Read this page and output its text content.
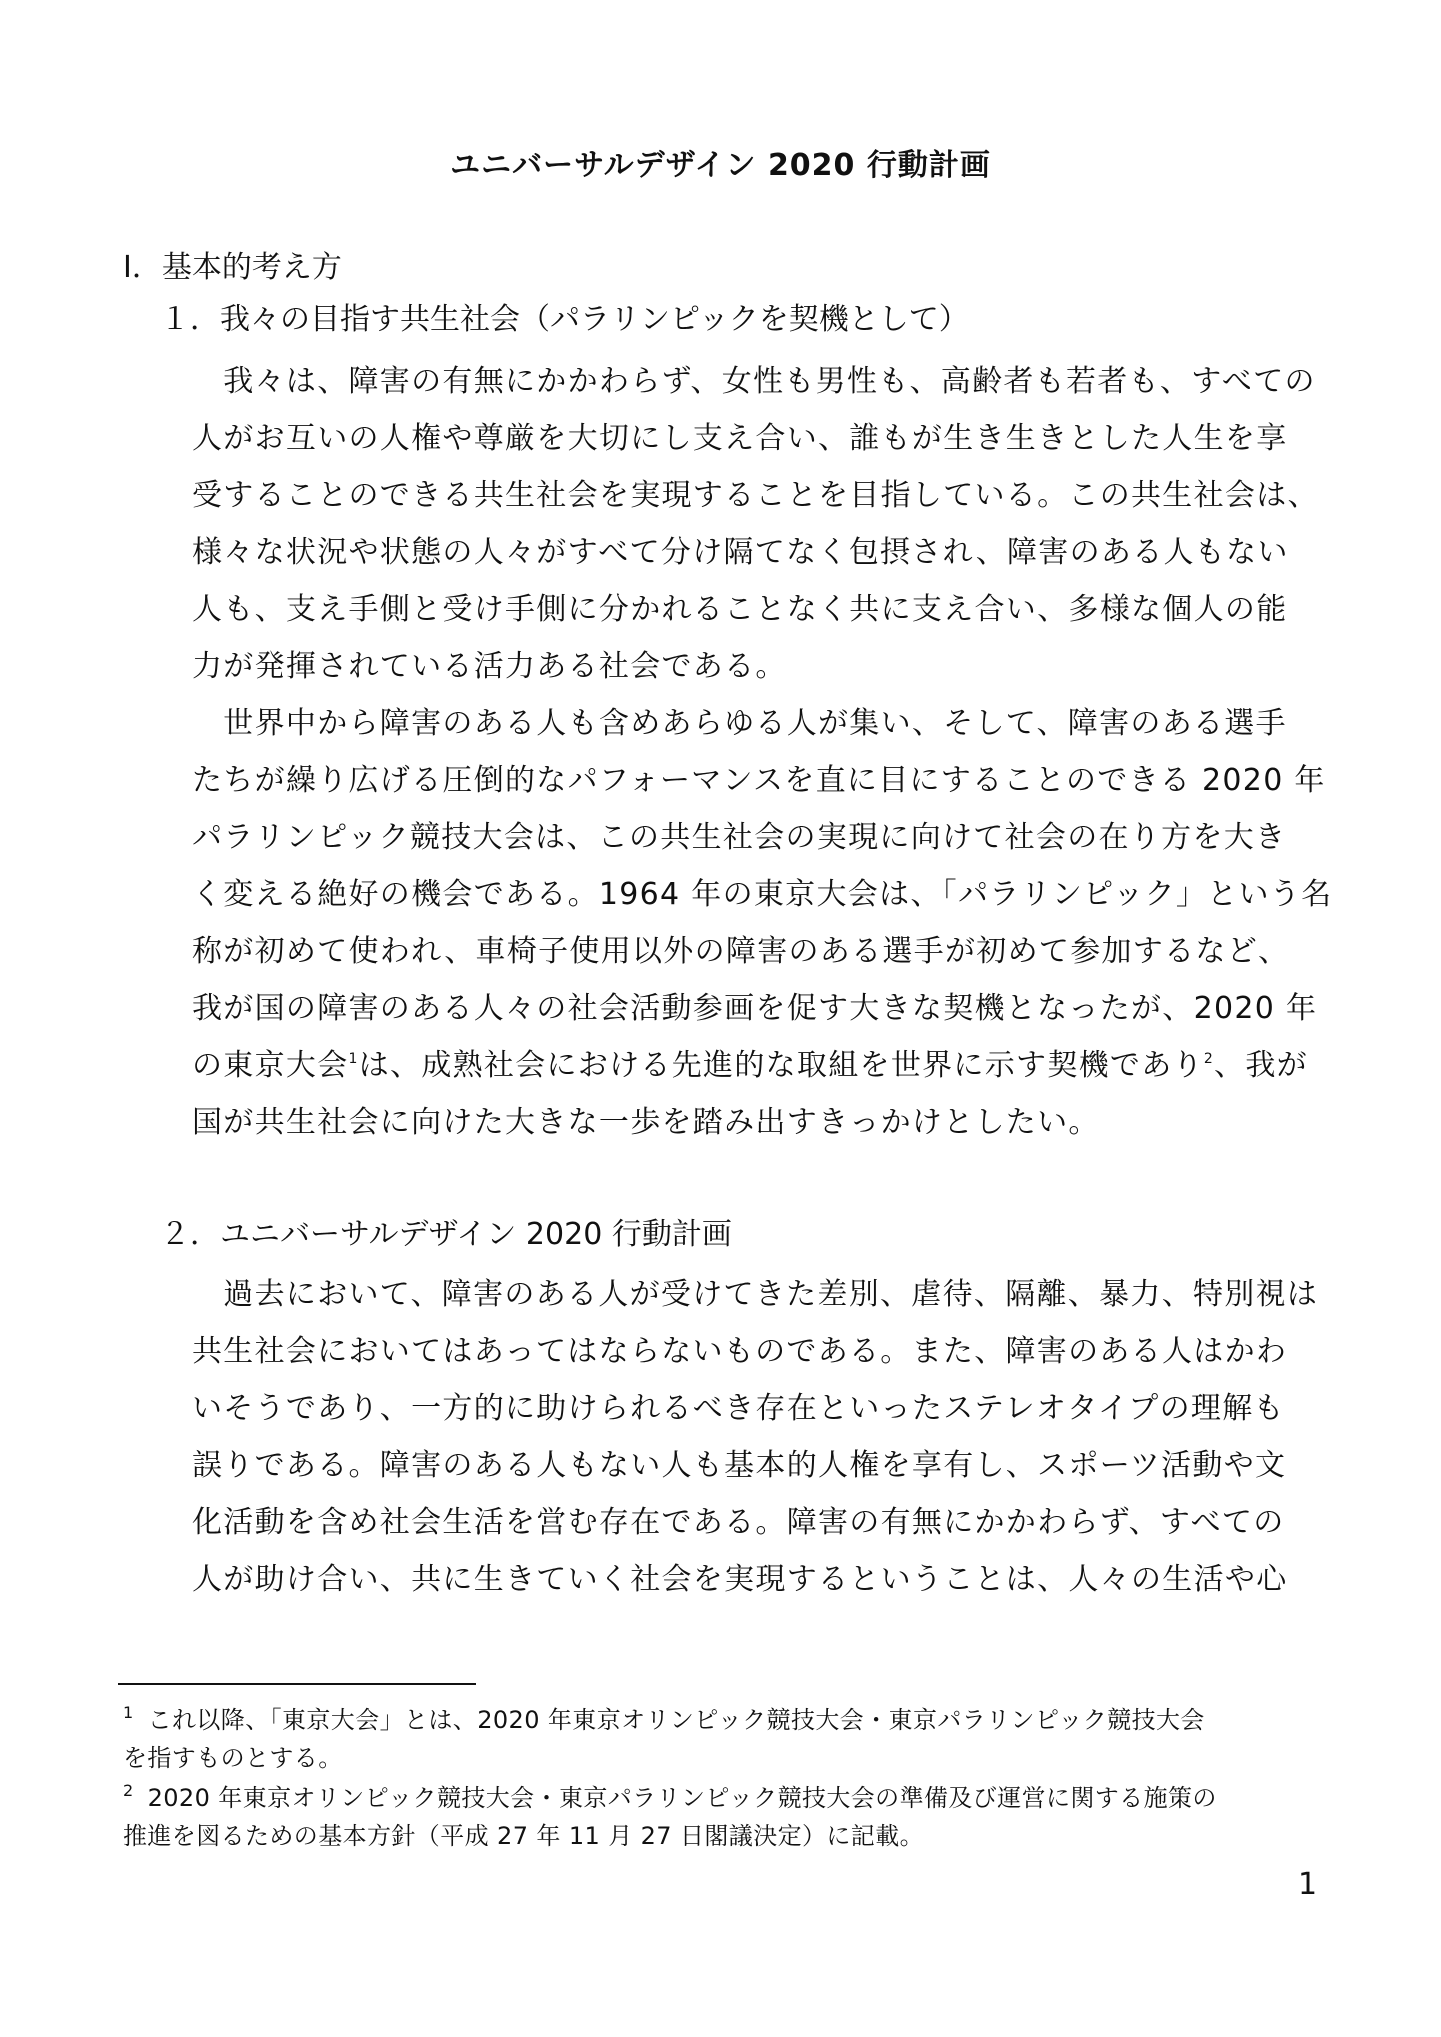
ユニバーサルデザイン 2020 行動計画
Ⅰ．基本的考え方
１．我々の目指す共生社会（パラリンピックを契機として）
　我々は、障害の有無にかかわらず、女性も男性も、高齢者も若者も、すべての
人がお互いの人権や尊厳を大切にし支え合い、誰もが生き生きとした人生を享
受することのできる共生社会を実現することを目指している。この共生社会は、
様々な状況や状態の人々がすべて分け隔てなく包摂され、障害のある人もない
人も、支え手側と受け手側に分かれることなく共に支え合い、多様な個人の能
力が発揮されている活力ある社会である。
　世界中から障害のある人も含めあらゆる人が集い、そして、障害のある選手
たちが繰り広げる圧倒的なパフォーマンスを直に目にすることのできる 2020 年
パラリンピック競技大会は、この共生社会の実現に向けて社会の在り方を大き
く変える絶好の機会である。1964 年の東京大会は、「パラリンピック」という名
称が初めて使われ、車椅子使用以外の障害のある選手が初めて参加するなど、
我が国の障害のある人々の社会活動参画を促す大きな契機となったが、2020 年
の東京大会$^1$は、成熟社会における先進的な取組を世界に示す契機であり$^2$、我が
国が共生社会に向けた大きな一歩を踏み出すきっかけとしたい。
２．ユニバーサルデザイン 2020 行動計画
　過去において、障害のある人が受けてきた差別、虐待、隔離、暴力、特別視は
共生社会においてはあってはならないものである。また、障害のある人はかわ
いそうであり、一方的に助けられるべき存在といったステレオタイプの理解も
誤りである。障害のある人もない人も基本的人権を享有し、スポーツ活動や文
化活動を含め社会生活を営む存在である。障害の有無にかかわらず、すべての
人が助け合い、共に生きていく社会を実現するということは、人々の生活や心
$^1$ これ以降、「東京大会」とは、2020 年東京オリンピック競技大会・東京パラリンピック競技大会
を指すものとする。
$^2$ 2020 年東京オリンピック競技大会・東京パラリンピック競技大会の準備及び運営に関する施策の
推進を図るための基本方針（平成 27 年 11 月 27 日閣議決定）に記載。
1
